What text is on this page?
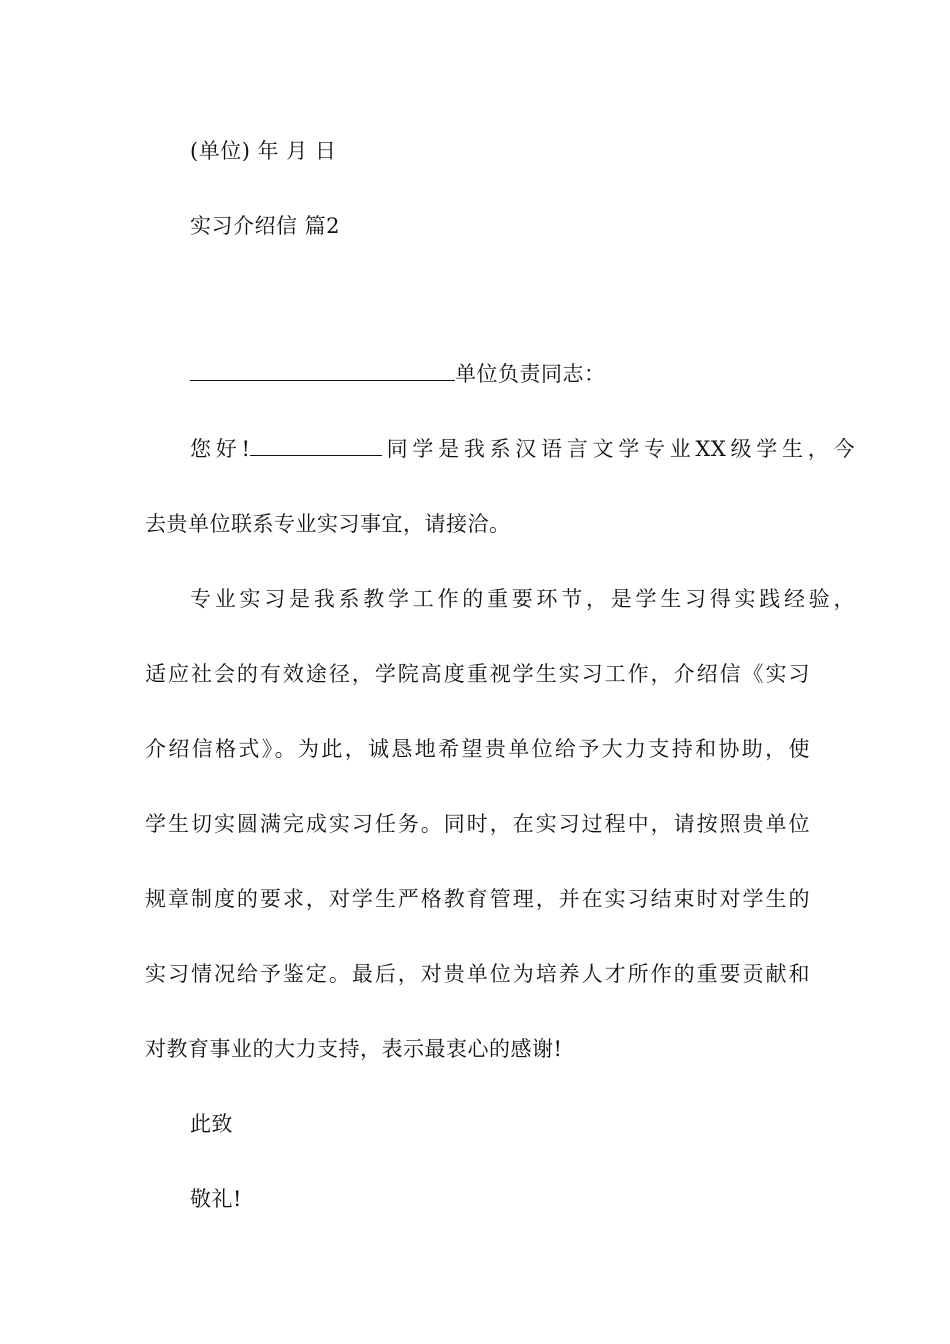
(单位) 年 月 日
实习介绍信 篇2
单位负责同志：
您好!	同学是我系汉语言文学专业XX级学生，今
去贵单位联系专业实习事宜，请接洽。
专业实习是我系教学工作的重要环节，是学生习得实践经验，
适应社会的有效途径，学院高度重视学生实习工作，介绍信《实习
介绍信格式》。为此，诚恳地希望贵单位给予大力支持和协助，使
学生切实圆满完成实习任务。同时，在实习过程中，请按照贵单位
规章制度的要求，对学生严格教育管理，并在实习结束时对学生的
实习情况给予鉴定。最后，对贵单位为培养人才所作的重要贡献和
对教育事业的大力支持，表示最衷心的感谢!
此致
敬礼!
